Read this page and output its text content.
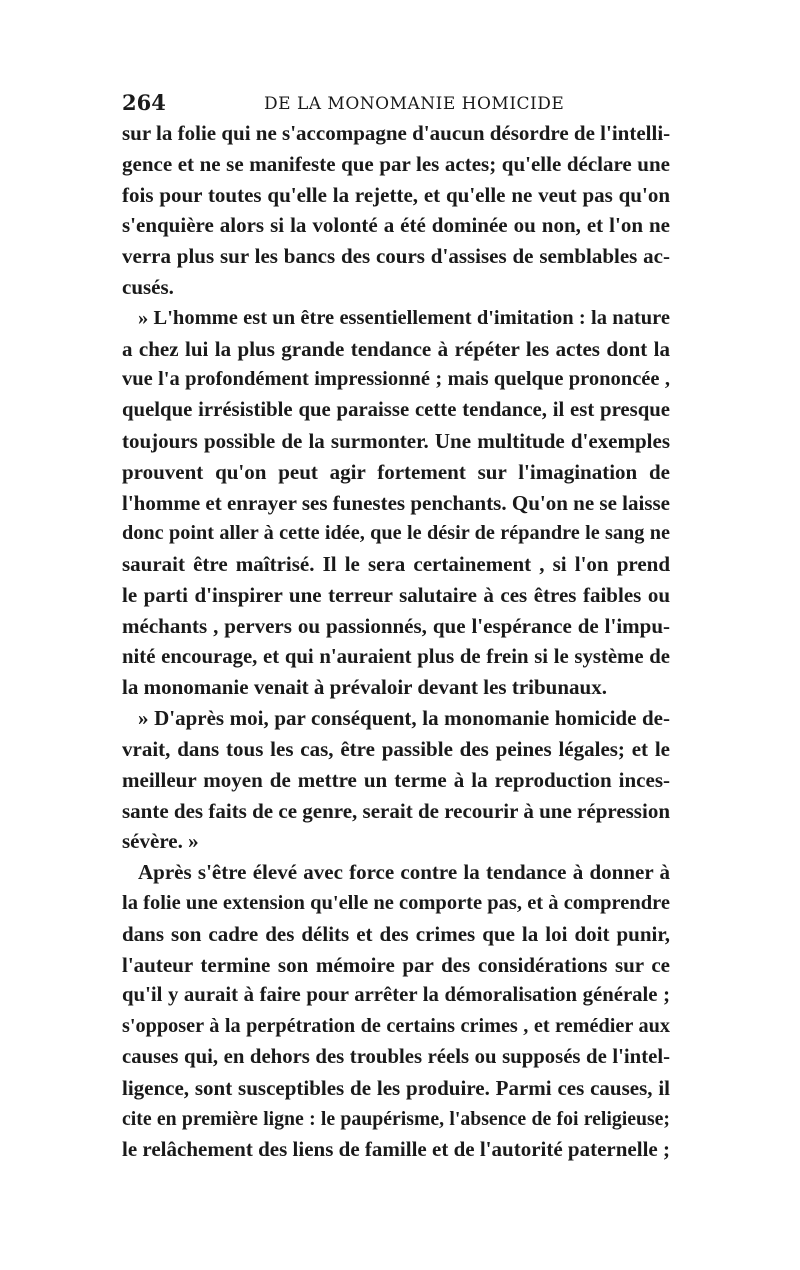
264	DE LA MONOMANIE HOMICIDE
sur la folie qui ne s'accompagne d'aucun désordre de l'intelli-
gence et ne se manifeste que par les actes; qu'elle déclare une
fois pour toutes qu'elle la rejette, et qu'elle ne veut pas qu'on
s'enquière alors si la volonté a été dominée ou non, et l'on ne
verra plus sur les bancs des cours d'assises de semblables ac-
cusés.
» L'homme est un être essentiellement d'imitation : la nature
a chez lui la plus grande tendance à répéter les actes dont la
vue l'a profondément impressionné ; mais quelque prononcée ,
quelque irrésistible que paraisse cette tendance, il est presque
toujours possible de la surmonter. Une multitude d'exemples
prouvent qu'on peut agir fortement sur l'imagination de
l'homme et enrayer ses funestes penchants. Qu'on ne se laisse
donc point aller à cette idée, que le désir de répandre le sang ne
saurait être maîtrisé. Il le sera certainement , si l'on prend
le parti d'inspirer une terreur salutaire à ces êtres faibles ou
méchants , pervers ou passionnés, que l'espérance de l'impu-
nité encourage, et qui n'auraient plus de frein si le système de
la monomanie venait à prévaloir devant les tribunaux.
» D'après moi, par conséquent, la monomanie homicide de-
vrait, dans tous les cas, être passible des peines légales; et le
meilleur moyen de mettre un terme à la reproduction inces-
sante des faits de ce genre, serait de recourir à une répression
sévère. »
Après s'être élevé avec force contre la tendance à donner à
la folie une extension qu'elle ne comporte pas, et à comprendre
dans son cadre des délits et des crimes que la loi doit punir,
l'auteur termine son mémoire par des considérations sur ce
qu'il y aurait à faire pour arrêter la démoralisation générale ;
s'opposer à la perpétration de certains crimes , et remédier aux
causes qui, en dehors des troubles réels ou supposés de l'intel-
ligence, sont susceptibles de les produire. Parmi ces causes, il
cite en première ligne : le paupérisme, l'absence de foi religieuse;
le relâchement des liens de famille et de l'autorité paternelle ;
